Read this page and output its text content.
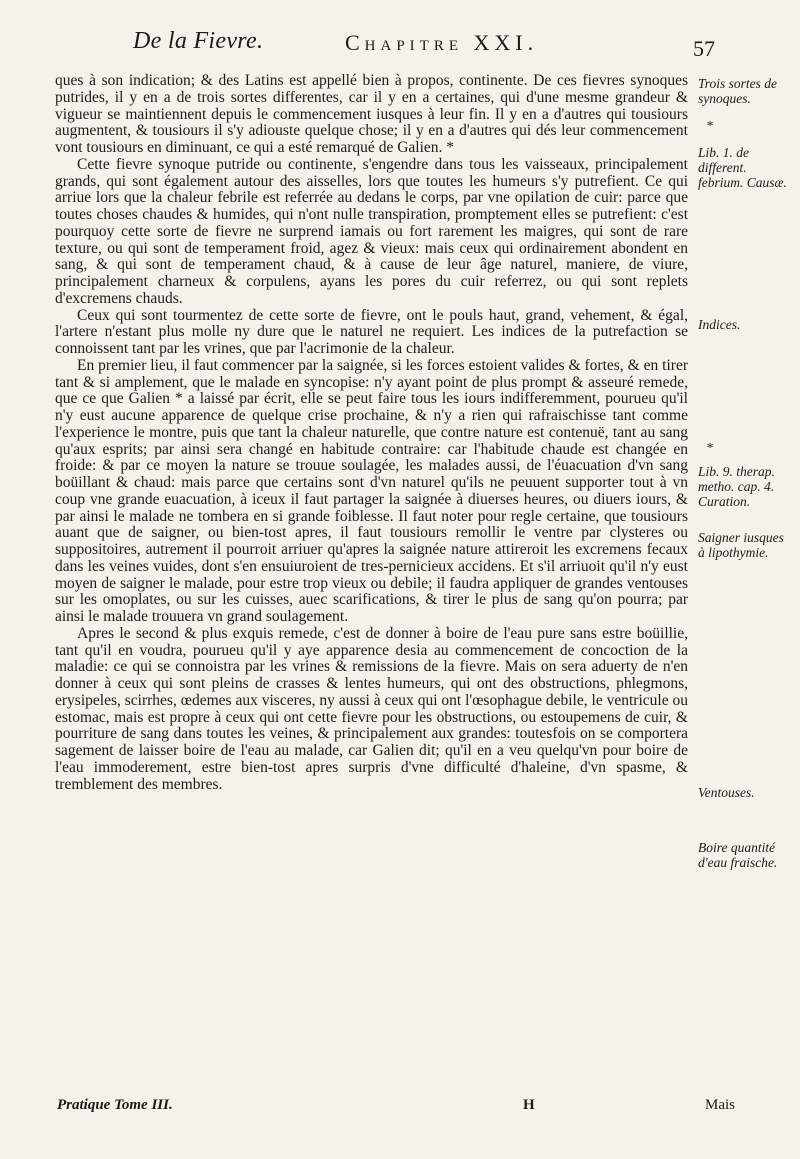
De la Fievre.	Chapitre XXI.	57

ques à son indication; & des Latins est appellé bien à propos, continente. De ces fievres synoques putrides, il y en a de trois sortes differentes, car il y en a certaines, qui d'une mesme grandeur & vigueur se maintiennent depuis le commencement iusques à leur fin. Il y en a d'autres qui tousiours augmentent, & tousiours il s'y adiouste quelque chose; il y en a d'autres qui dés leur commencement vont tousiours en diminuant, ce qui a esté remarqué de Galien. *

Cette fievre synoque putride ou continente, s'engendre dans tous les vaisseaux, principalement grands, qui sont également autour des aisselles, lors que toutes les humeurs s'y putrefient. Ce qui arriue lors que la chaleur febrile est referrée au dedans le corps, par vne opilation de cuir: parce que toutes choses chaudes & humides, qui n'ont nulle transpiration, promptement elles se putrefient: c'est pourquoy cette sorte de fievre ne surprend iamais ou fort rarement les maigres, qui sont de rare texture, ou qui sont de temperament froid, agez & vieux: mais ceux qui ordinairement abondent en sang, & qui sont de temperament chaud, & à cause de leur âge naturel, maniere, de viure, principalement charneux & corpulens, ayans les pores du cuir referrez, ou qui sont replets d'excremens chauds.

Ceux qui sont tourmentez de cette sorte de fievre, ont le pouls haut, grand, vehement, & égal, l'artere n'estant plus molle ny dure que le naturel ne requiert. Les indices de la putrefaction se connoissent tant par les vrines, que par l'acrimonie de la chaleur.

En premier lieu, il faut commencer par la saignée, si les forces estoient valides & fortes, & en tirer tant & si amplement, que le malade en syncopise: n'y ayant point de plus prompt & asseuré remede, que ce que Galien * a laissé par écrit, elle se peut faire tous les iours indifferemment, pourueu qu'il n'y eust aucune apparence de quelque crise prochaine, & n'y a rien qui rafraischisse tant comme l'experience le montre, puis que tant la chaleur naturelle, que contre nature est contenuë, tant au sang qu'aux esprits; par ainsi sera changé en habitude contraire: car l'habitude chaude est changée en froide: & par ce moyen la nature se trouue soulagée, les malades aussi, de l'éuacuation d'vn sang boüillant & chaud: mais parce que certains sont d'vn naturel qu'ils ne peuuent supporter tout à vn coup vne grande euacuation, à iceux il faut partager la saignée à diuerses heures, ou diuers iours, & par ainsi le malade ne tombera en si grande foiblesse. Il faut noter pour regle certaine, que tousiours auant que de saigner, ou bien-tost apres, il faut tousiours remollir le ventre par clysteres ou suppositoires, autrement il pourroit arriuer qu'apres la saignée nature attireroit les excremens fecaux dans les veines vuides, dont s'en ensuiuroient de tres-pernicieux accidens. Et s'il arriuoit qu'il n'y eust moyen de saigner le malade, pour estre trop vieux ou debile; il faudra appliquer de grandes ventouses sur les omoplates, ou sur les cuisses, auec scarifications, & tirer le plus de sang qu'on pourra; par ainsi le malade trouuera vn grand soulagement.

Apres le second & plus exquis remede, c'est de donner à boire de l'eau pure sans estre boüillie, tant qu'il en voudra, pourueu qu'il y aye apparence desia au commencement de concoction de la maladie: ce qui se connoistra par les vrines & remissions de la fievre. Mais on sera aduerty de n'en donner à ceux qui sont pleins de crasses & lentes humeurs, qui ont des obstructions, phlegmons, erysipeles, scirrhes, œdemes aux visceres, ny aussi à ceux qui ont l'œsophague debile, le ventricule ou estomac, mais est propre à ceux qui ont cette fievre pour les obstructions, ou estoupemens de cuir, & pourriture de sang dans toutes les veines, & principalement aux grandes: toutesfois on se comportera sagement de laisser boire de l'eau au malade, car Galien dit; qu'il en a veu quelqu'vn pour boire de l'eau immoderement, estre bien-tost apres surpris d'vne difficulté d'haleine, d'vn spasme, & tremblement des membres.

Trois sortes de synoques.
*
Lib. 1. de different. febrium. Causæ.
Indices.
*
Lib. 9. therap. metho. cap. 4. Curation.
Saigner iusques à lipothymie.
Ventouses.
Boire quantité d'eau fraische.
Pratique Tome III.	H	Mais
